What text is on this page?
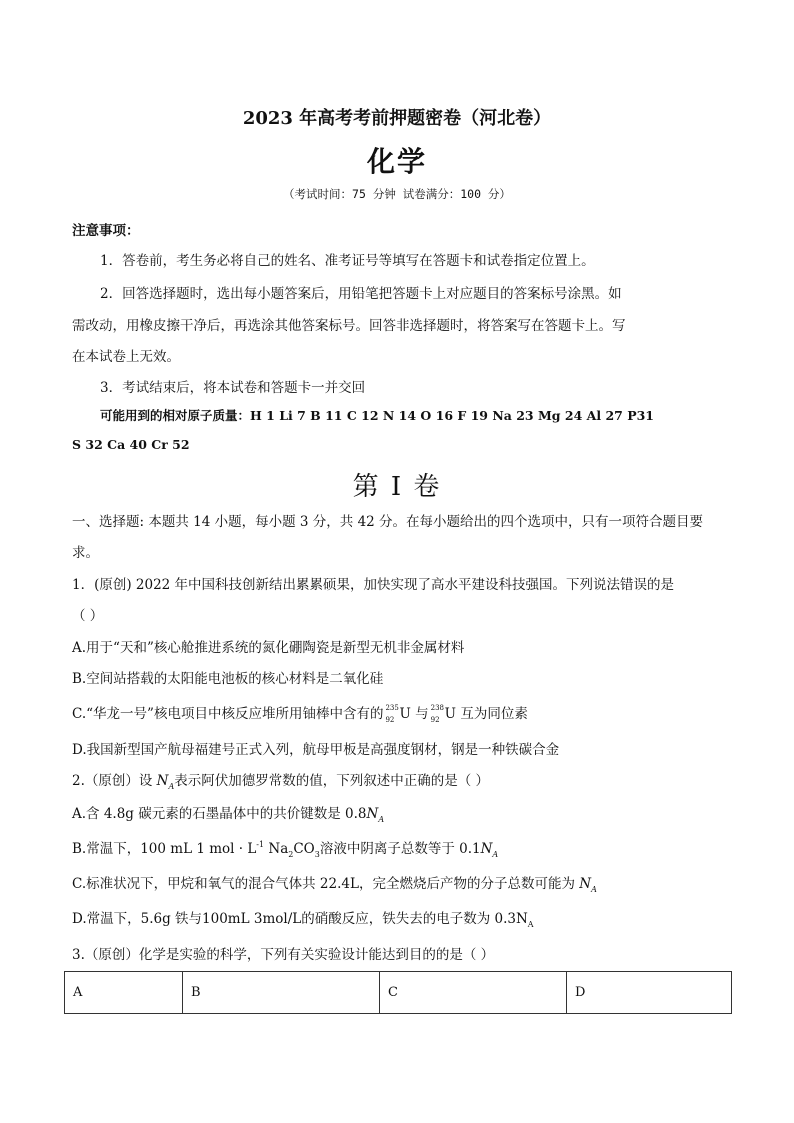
2023 年高考考前押题密卷（河北卷）
化学
（考试时间：75 分钟 试卷满分：100 分）
注意事项：
1．答卷前，考生务必将自己的姓名、准考证号等填写在答题卡和试卷指定位置上。
2．回答选择题时，选出每小题答案后，用铅笔把答题卡上对应题目的答案标号涂黑。如
需改动，用橡皮擦干净后，再选涂其他答案标号。回答非选择题时，将答案写在答题卡上。写
在本试卷上无效。
3．考试结束后，将本试卷和答题卡一并交回
可能用到的相对原子质量：H 1 Li 7 B 11 C 12 N 14 O 16 F 19 Na 23 Mg 24 Al 27 P31
S 32 Ca 40 Cr 52
第 I 卷
一、选择题: 本题共 14 小题，每小题 3 分，共 42 分。在每小题给出的四个选项中，只有一项符合题目要
求。
1．(原创) 2022 年中国科技创新结出累累硕果，加快实现了高水平建设科技强国。下列说法错误的是
（ ）
A.用于“天和”核心舱推进系统的氮化硼陶瓷是新型无机非金属材料
B.空间站搭载的太阳能电池板的核心材料是二氧化硅
C.“华龙一号”核电项目中核反应堆所用铀棒中含有的 235
92 U 与 238
92 U 互为同位素
D.我国新型国产航母福建号正式入列，航母甲板是高强度钢材，钢是一种铁碳合金
2.（原创）设 $N_A$表示阿伏加德罗常数的值，下列叙述中正确的是（ ）
A.含 4.8g 碳元素的石墨晶体中的共价键数是 $0.8N_A$
B.常温下，100 mL 1 mol · $L^{-1}$ $Na_2CO_3$溶液中阴离子总数等于 $0.1N_A$
C.标准状况下，甲烷和氧气的混合气体共 22.4L，完全燃烧后产物的分子总数可能为 $N_A$
D.常温下，5.6g 铁与100mL 3mol/L的硝酸反应，铁失去的电子数为 $0.3N_A$
3.（原创）化学是实验的科学，下列有关实验设计能达到目的的是（ ）
A	B	C	D
